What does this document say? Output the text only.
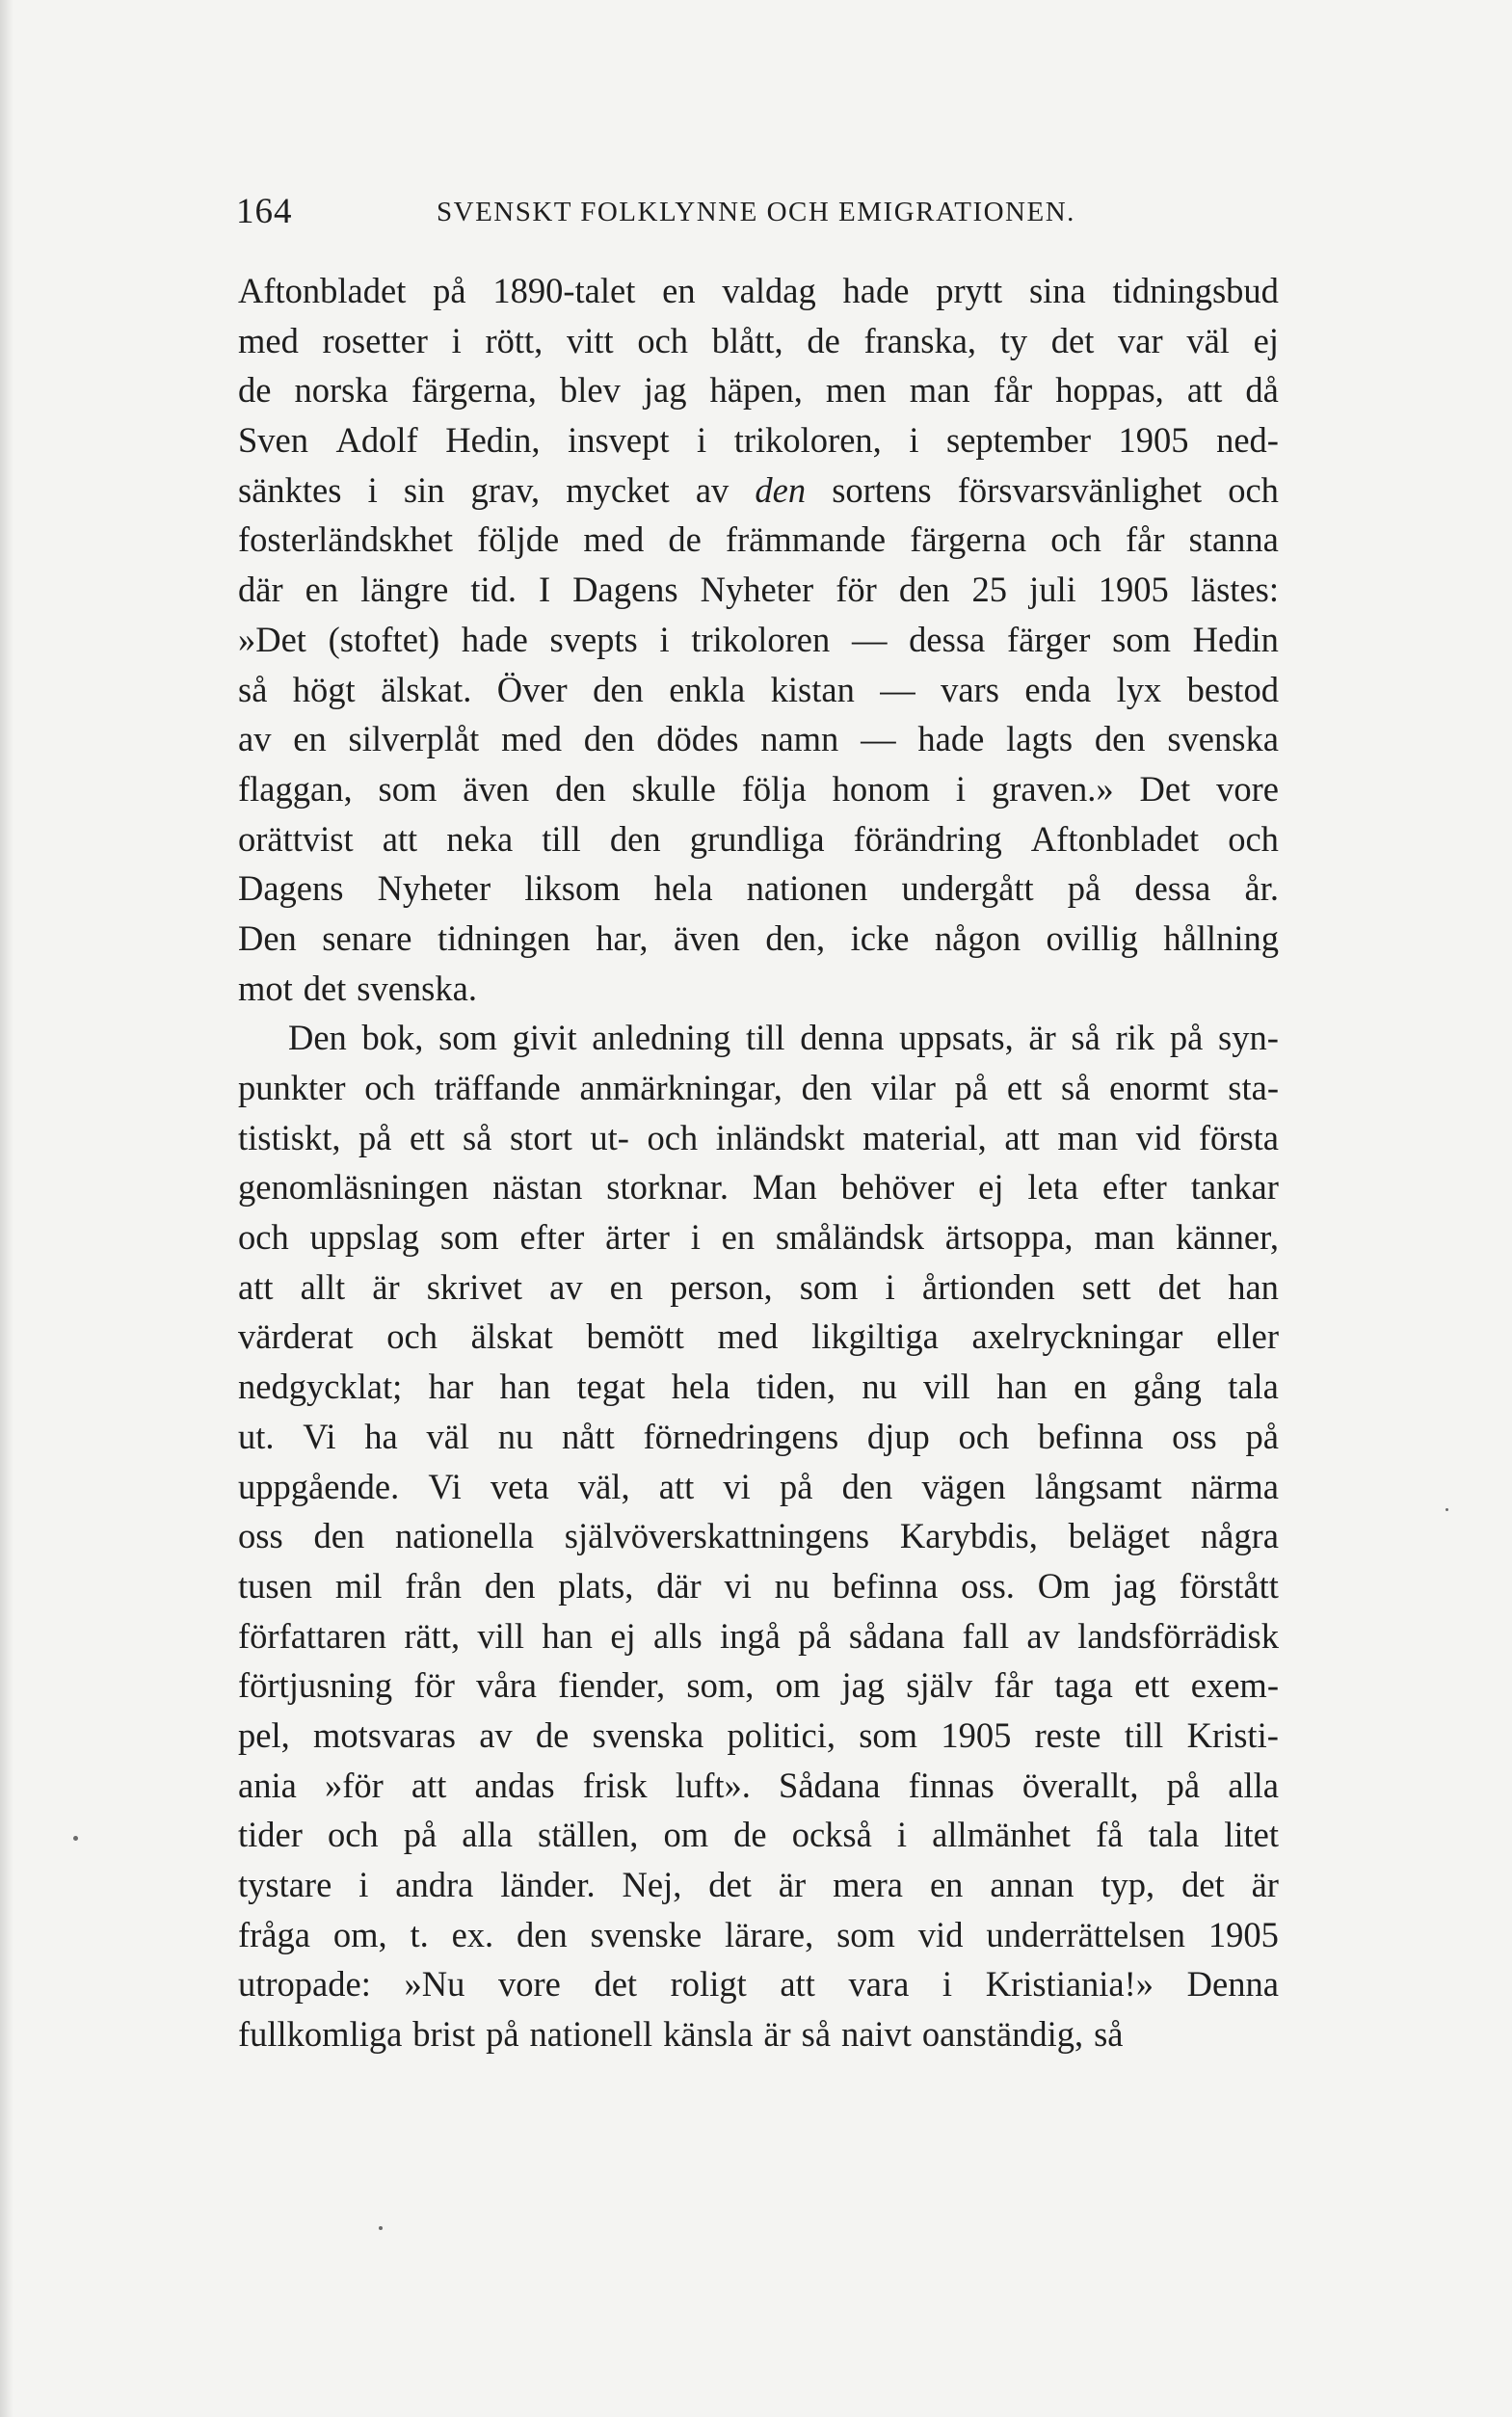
164	SVENSKT FOLKLYNNE OCH EMIGRATIONEN.
Aftonbladet på 1890-talet en valdag hade prytt sina tidningsbud
med rosetter i rött, vitt och blått, de franska, ty det var väl ej
de norska färgerna, blev jag häpen, men man får hoppas, att då
Sven Adolf Hedin, insvept i trikoloren, i september 1905 ned-
sänktes i sin grav, mycket av den sortens försvarsvänlighet och
fosterländskhet följde med de främmande färgerna och får stanna
där en längre tid. I Dagens Nyheter för den 25 juli 1905 lästes:
»Det (stoftet) hade svepts i trikoloren — dessa färger som Hedin
så högt älskat. Över den enkla kistan — vars enda lyx bestod
av en silverplåt med den dödes namn — hade lagts den svenska
flaggan, som även den skulle följa honom i graven.» Det vore
orättvist att neka till den grundliga förändring Aftonbladet och
Dagens Nyheter liksom hela nationen undergått på dessa år.
Den senare tidningen har, även den, icke någon ovillig hållning
mot det svenska.
Den bok, som givit anledning till denna uppsats, är så rik på syn-
punkter och träffande anmärkningar, den vilar på ett så enormt sta-
tistiskt, på ett så stort ut- och inländskt material, att man vid första
genomläsningen nästan storknar. Man behöver ej leta efter tankar
och uppslag som efter ärter i en småländsk ärtsoppa, man känner,
att allt är skrivet av en person, som i årtionden sett det han
värderat och älskat bemött med likgiltiga axelryckningar eller
nedgycklat; har han tegat hela tiden, nu vill han en gång tala
ut. Vi ha väl nu nått förnedringens djup och befinna oss på
uppgående. Vi veta väl, att vi på den vägen långsamt närma
oss den nationella självöverskattningens Karybdis, beläget några
tusen mil från den plats, där vi nu befinna oss. Om jag förstått
författaren rätt, vill han ej alls ingå på sådana fall av landsförrädisk
förtjusning för våra fiender, som, om jag själv får taga ett exem-
pel, motsvaras av de svenska politici, som 1905 reste till Kristi-
ania »för att andas frisk luft». Sådana finnas överallt, på alla
tider och på alla ställen, om de också i allmänhet få tala litet
tystare i andra länder. Nej, det är mera en annan typ, det är
fråga om, t. ex. den svenske lärare, som vid underrättelsen 1905
utropade: »Nu vore det roligt att vara i Kristiania!» Denna
fullkomliga brist på nationell känsla är så naivt oanständig, så
